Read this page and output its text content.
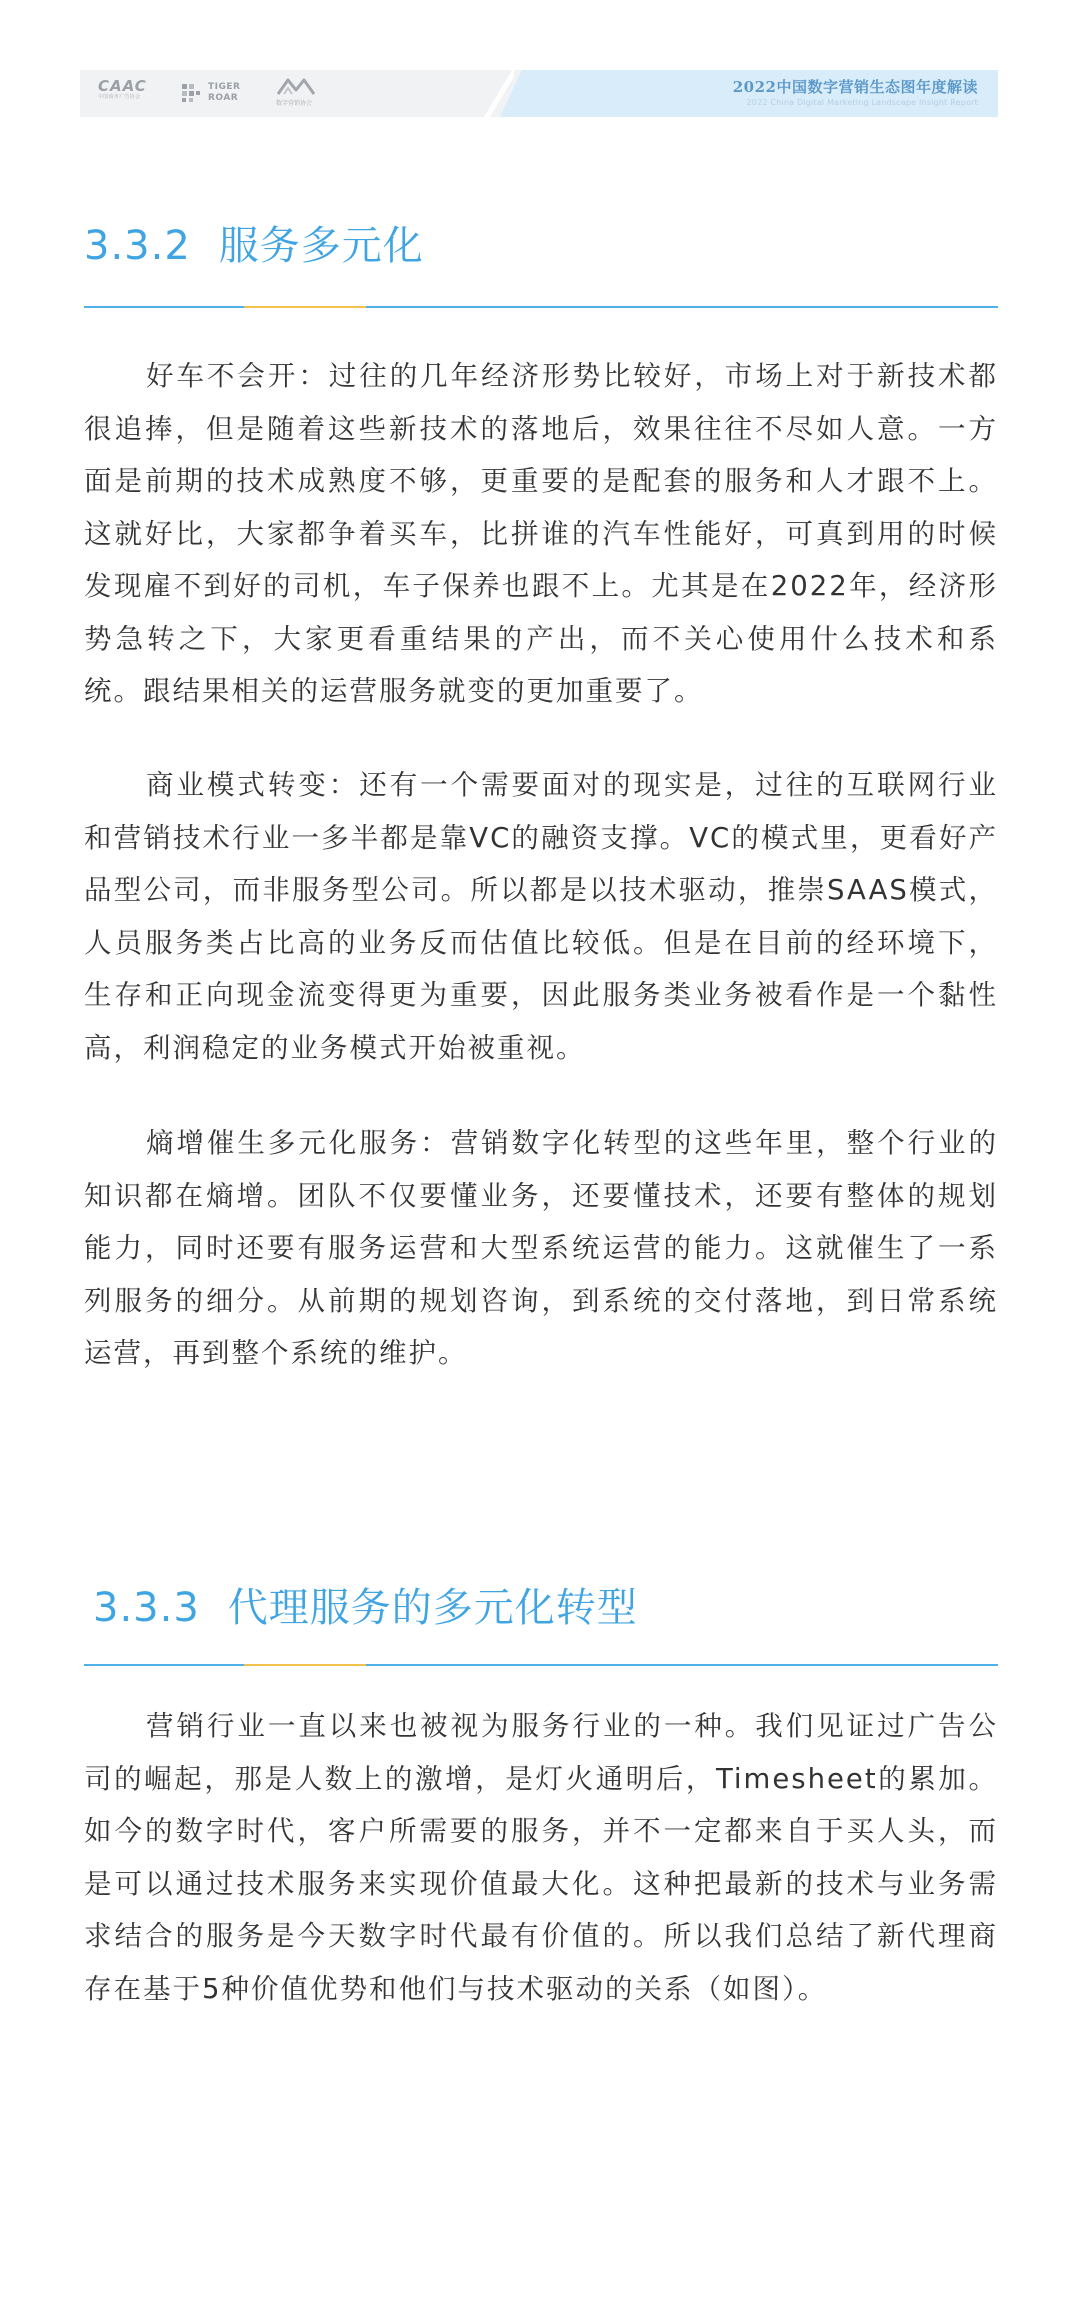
CAAC
中国商务广告协会
TIGER
ROAR
数字营销协会
2022中国数字营销生态图年度解读
2022 China Digital Marketing Landscape Insight Report
3.3.2 服务多元化

好车不会开：过往的几年经济形势比较好，市场上对于新技术都很追捧，但是随着这些新技术的落地后，效果往往不尽如人意。一方面是前期的技术成熟度不够，更重要的是配套的服务和人才跟不上。这就好比，大家都争着买车，比拼谁的汽车性能好，可真到用的时候发现雇不到好的司机，车子保养也跟不上。尤其是在2022年，经济形势急转之下，大家更看重结果的产出，而不关心使用什么技术和系统。跟结果相关的运营服务就变的更加重要了。

商业模式转变：还有一个需要面对的现实是，过往的互联网行业和营销技术行业一多半都是靠VC的融资支撑。VC的模式里，更看好产品型公司，而非服务型公司。所以都是以技术驱动，推崇SAAS模式，人员服务类占比高的业务反而估值比较低。但是在目前的经环境下，生存和正向现金流变得更为重要，因此服务类业务被看作是一个黏性高，利润稳定的业务模式开始被重视。

熵增催生多元化服务：营销数字化转型的这些年里，整个行业的知识都在熵增。团队不仅要懂业务，还要懂技术，还要有整体的规划能力，同时还要有服务运营和大型系统运营的能力。这就催生了一系列服务的细分。从前期的规划咨询，到系统的交付落地，到日常系统运营，再到整个系统的维护。

3.3.3 代理服务的多元化转型

营销行业一直以来也被视为服务行业的一种。我们见证过广告公司的崛起，那是人数上的激增，是灯火通明后，Timesheet的累加。如今的数字时代，客户所需要的服务，并不一定都来自于买人头，而是可以通过技术服务来实现价值最大化。这种把最新的技术与业务需求结合的服务是今天数字时代最有价值的。所以我们总结了新代理商存在基于5种价值优势和他们与技术驱动的关系（如图）。
